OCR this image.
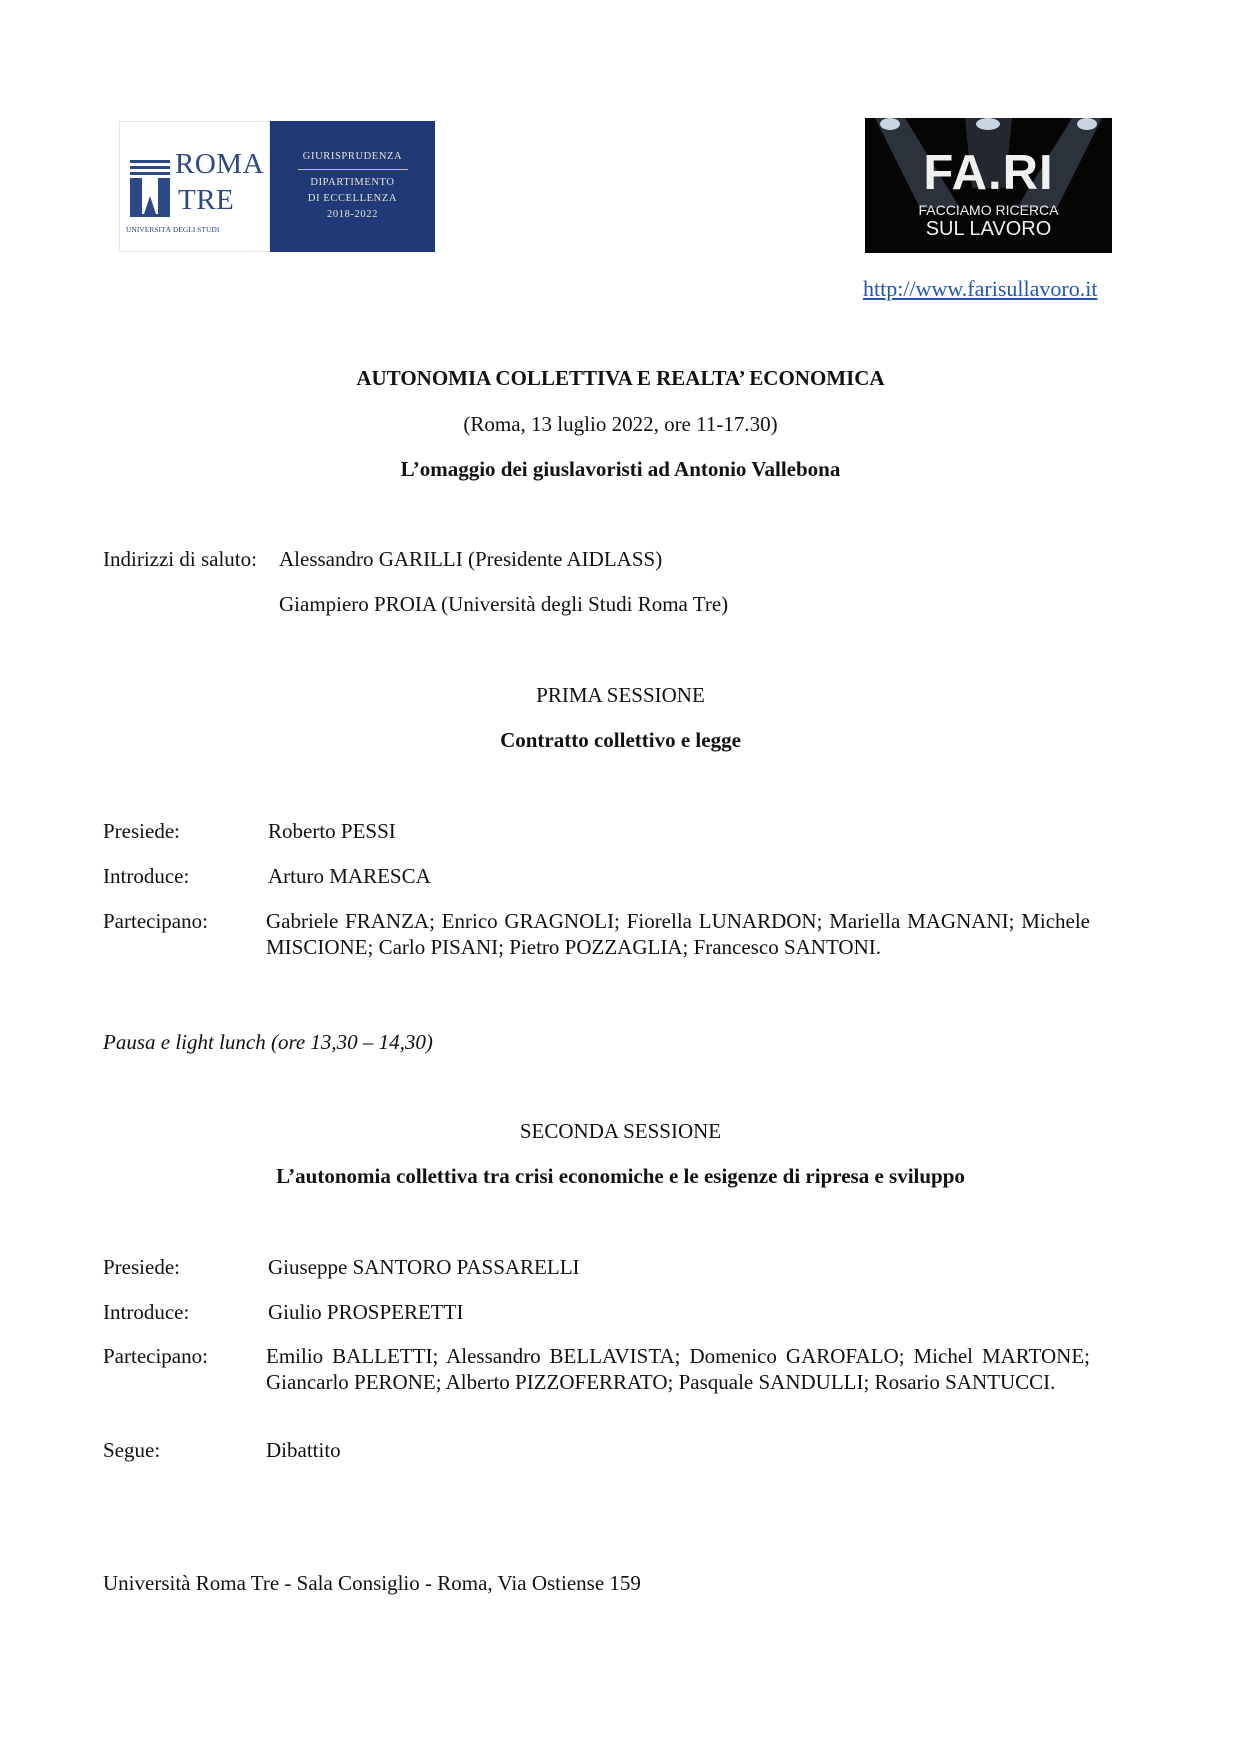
ROMA
TRE
UNIVERSITÀ DEGLI STUDI
GIURISPRUDENZA
DIPARTIMENTO
DI ECCELLENZA
2018-2022
FA.RI
FACCIAMO RICERCA
SUL LAVORO
http://www.farisullavoro.it
AUTONOMIA COLLETTIVA E REALTA’ ECONOMICA
(Roma, 13 luglio 2022, ore 11-17.30)
L’omaggio dei giuslavoristi ad Antonio Vallebona
Indirizzi di saluto: Alessandro GARILLI (Presidente AIDLASS)
Giampiero PROIA (Università degli Studi Roma Tre)
PRIMA SESSIONE
Contratto collettivo e legge
Presiede:	Roberto PESSI
Introduce:	Arturo MARESCA
Partecipano:	Gabriele FRANZA; Enrico GRAGNOLI; Fiorella LUNARDON; Mariella MAGNANI; Michele MISCIONE; Carlo PISANI; Pietro POZZAGLIA; Francesco SANTONI.
Pausa e light lunch (ore 13,30 – 14,30)
SECONDA SESSIONE
L’autonomia collettiva tra crisi economiche e le esigenze di ripresa e sviluppo
Presiede:	Giuseppe SANTORO PASSARELLI
Introduce:	Giulio PROSPERETTI
Partecipano:	Emilio BALLETTI; Alessandro BELLAVISTA; Domenico GAROFALO; Michel MARTONE; Giancarlo PERONE; Alberto PIZZOFERRATO; Pasquale SANDULLI; Rosario SANTUCCI.
Segue:	Dibattito
Università Roma Tre - Sala Consiglio - Roma, Via Ostiense 159
